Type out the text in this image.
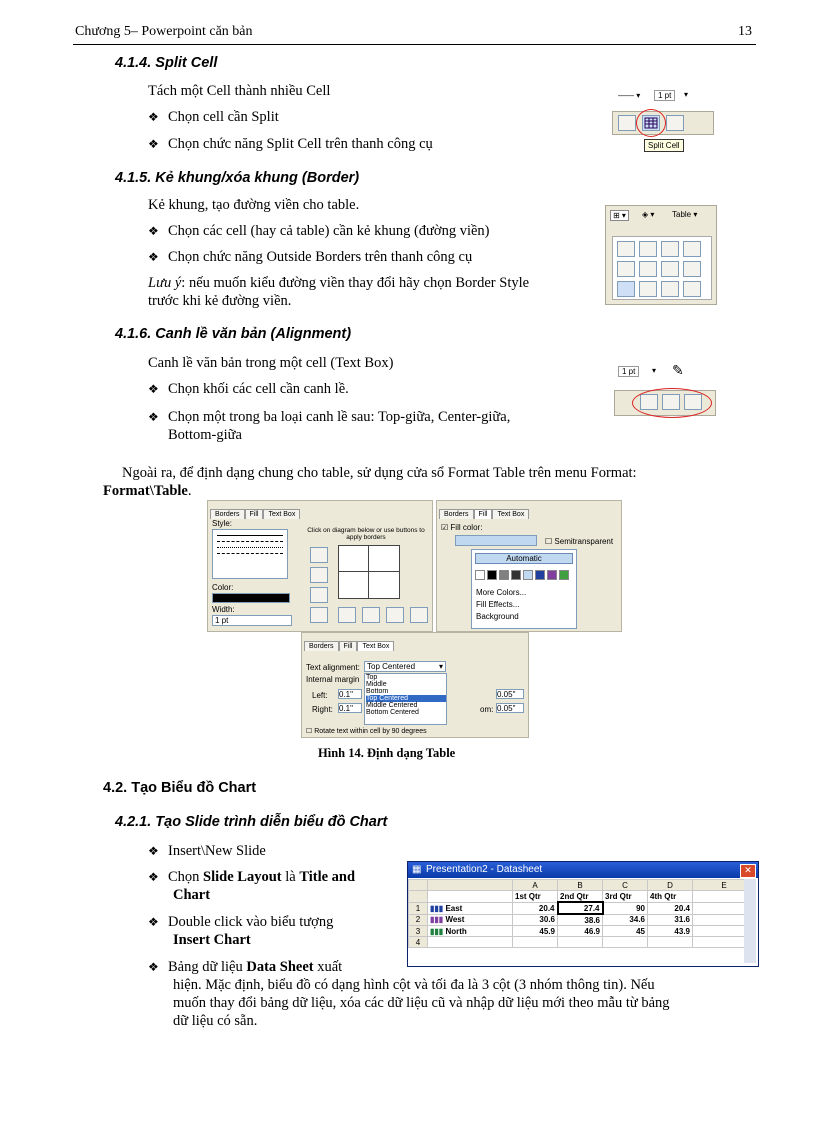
Chương 5– Powerpoint căn bản	13
4.1.4. Split Cell
Tách một Cell thành nhiều Cell
❖ Chọn cell cần Split
❖ Chọn chức năng Split Cell trên thanh công cụ
—— ▾	1 pt	▾
Split Cell
4.1.5. Kẻ khung/xóa khung (Border)
Kẻ khung, tạo đường viền cho table.
❖ Chọn các cell (hay cả table) cần kẻ khung (đường viền)
❖ Chọn chức năng Outside Borders trên thanh công cụ
Lưu ý: nếu muốn kiểu đường viền thay đổi hãy chọn Border Style
trước khi kẻ đường viền.
⊞ ▾	◈ ▾ Table ▾
4.1.6. Canh lề văn bản (Alignment)
Canh lề văn bản trong một cell (Text Box)
❖ Chọn khối các cell cần canh lề.
❖ Chọn một trong ba loại canh lề sau: Top-giữa, Center-giữa,
Bottom-giữa
1 pt	▾ ✎
Ngoài ra, để định dạng chung cho table, sử dụng cửa sổ Format Table trên menu Format:
Format\Table.
Borders Fill Text Box
Style:
Color:
Width:
1 pt
Click on diagram below or use buttons to apply borders
Borders Fill Text Box
☑ Fill color:
☐ Semitransparent
Automatic
More Colors...
Fill Effects...
Background
Borders Fill Text Box
Text alignment: Top Centered	▾
Internal margin Top
Middle
Bottom
Top Centered
Middle Centered
Bottom Centered
Left: 0.1"
Right: 0.1"
0.05"
om: 0.05"
☐ Rotate text within cell by 90 degrees
Hình 14. Định dạng Table
4.2. Tạo Biểu đồ Chart
4.2.1. Tạo Slide trình diễn biểu đồ Chart
❖ Insert\New Slide
❖ Chọn Slide Layout là Title and
Chart
❖ Double click vào biểu tượng
Insert Chart
❖ Bảng dữ liệu Data Sheet xuất
hiện. Mặc định, biểu đồ có dạng hình cột và tối đa là 3 cột (3 nhóm thông tin). Nếu
muốn thay đổi bảng dữ liệu, xóa các dữ liệu cũ và nhập dữ liệu mới theo mẫu từ bảng
dữ liệu có sẵn.
▦ Presentation2 - Datasheet	✕
		A	B	C	D	E
		1st Qtr	2nd Qtr	3rd Qtr	4th Qtr	
1	▮▮▮ East	20.4	27.4	90	20.4	
2	▮▮▮ West	30.6	38.6	34.6	31.6	
3	▮▮▮ North	45.9	46.9	45	43.9	
4						
